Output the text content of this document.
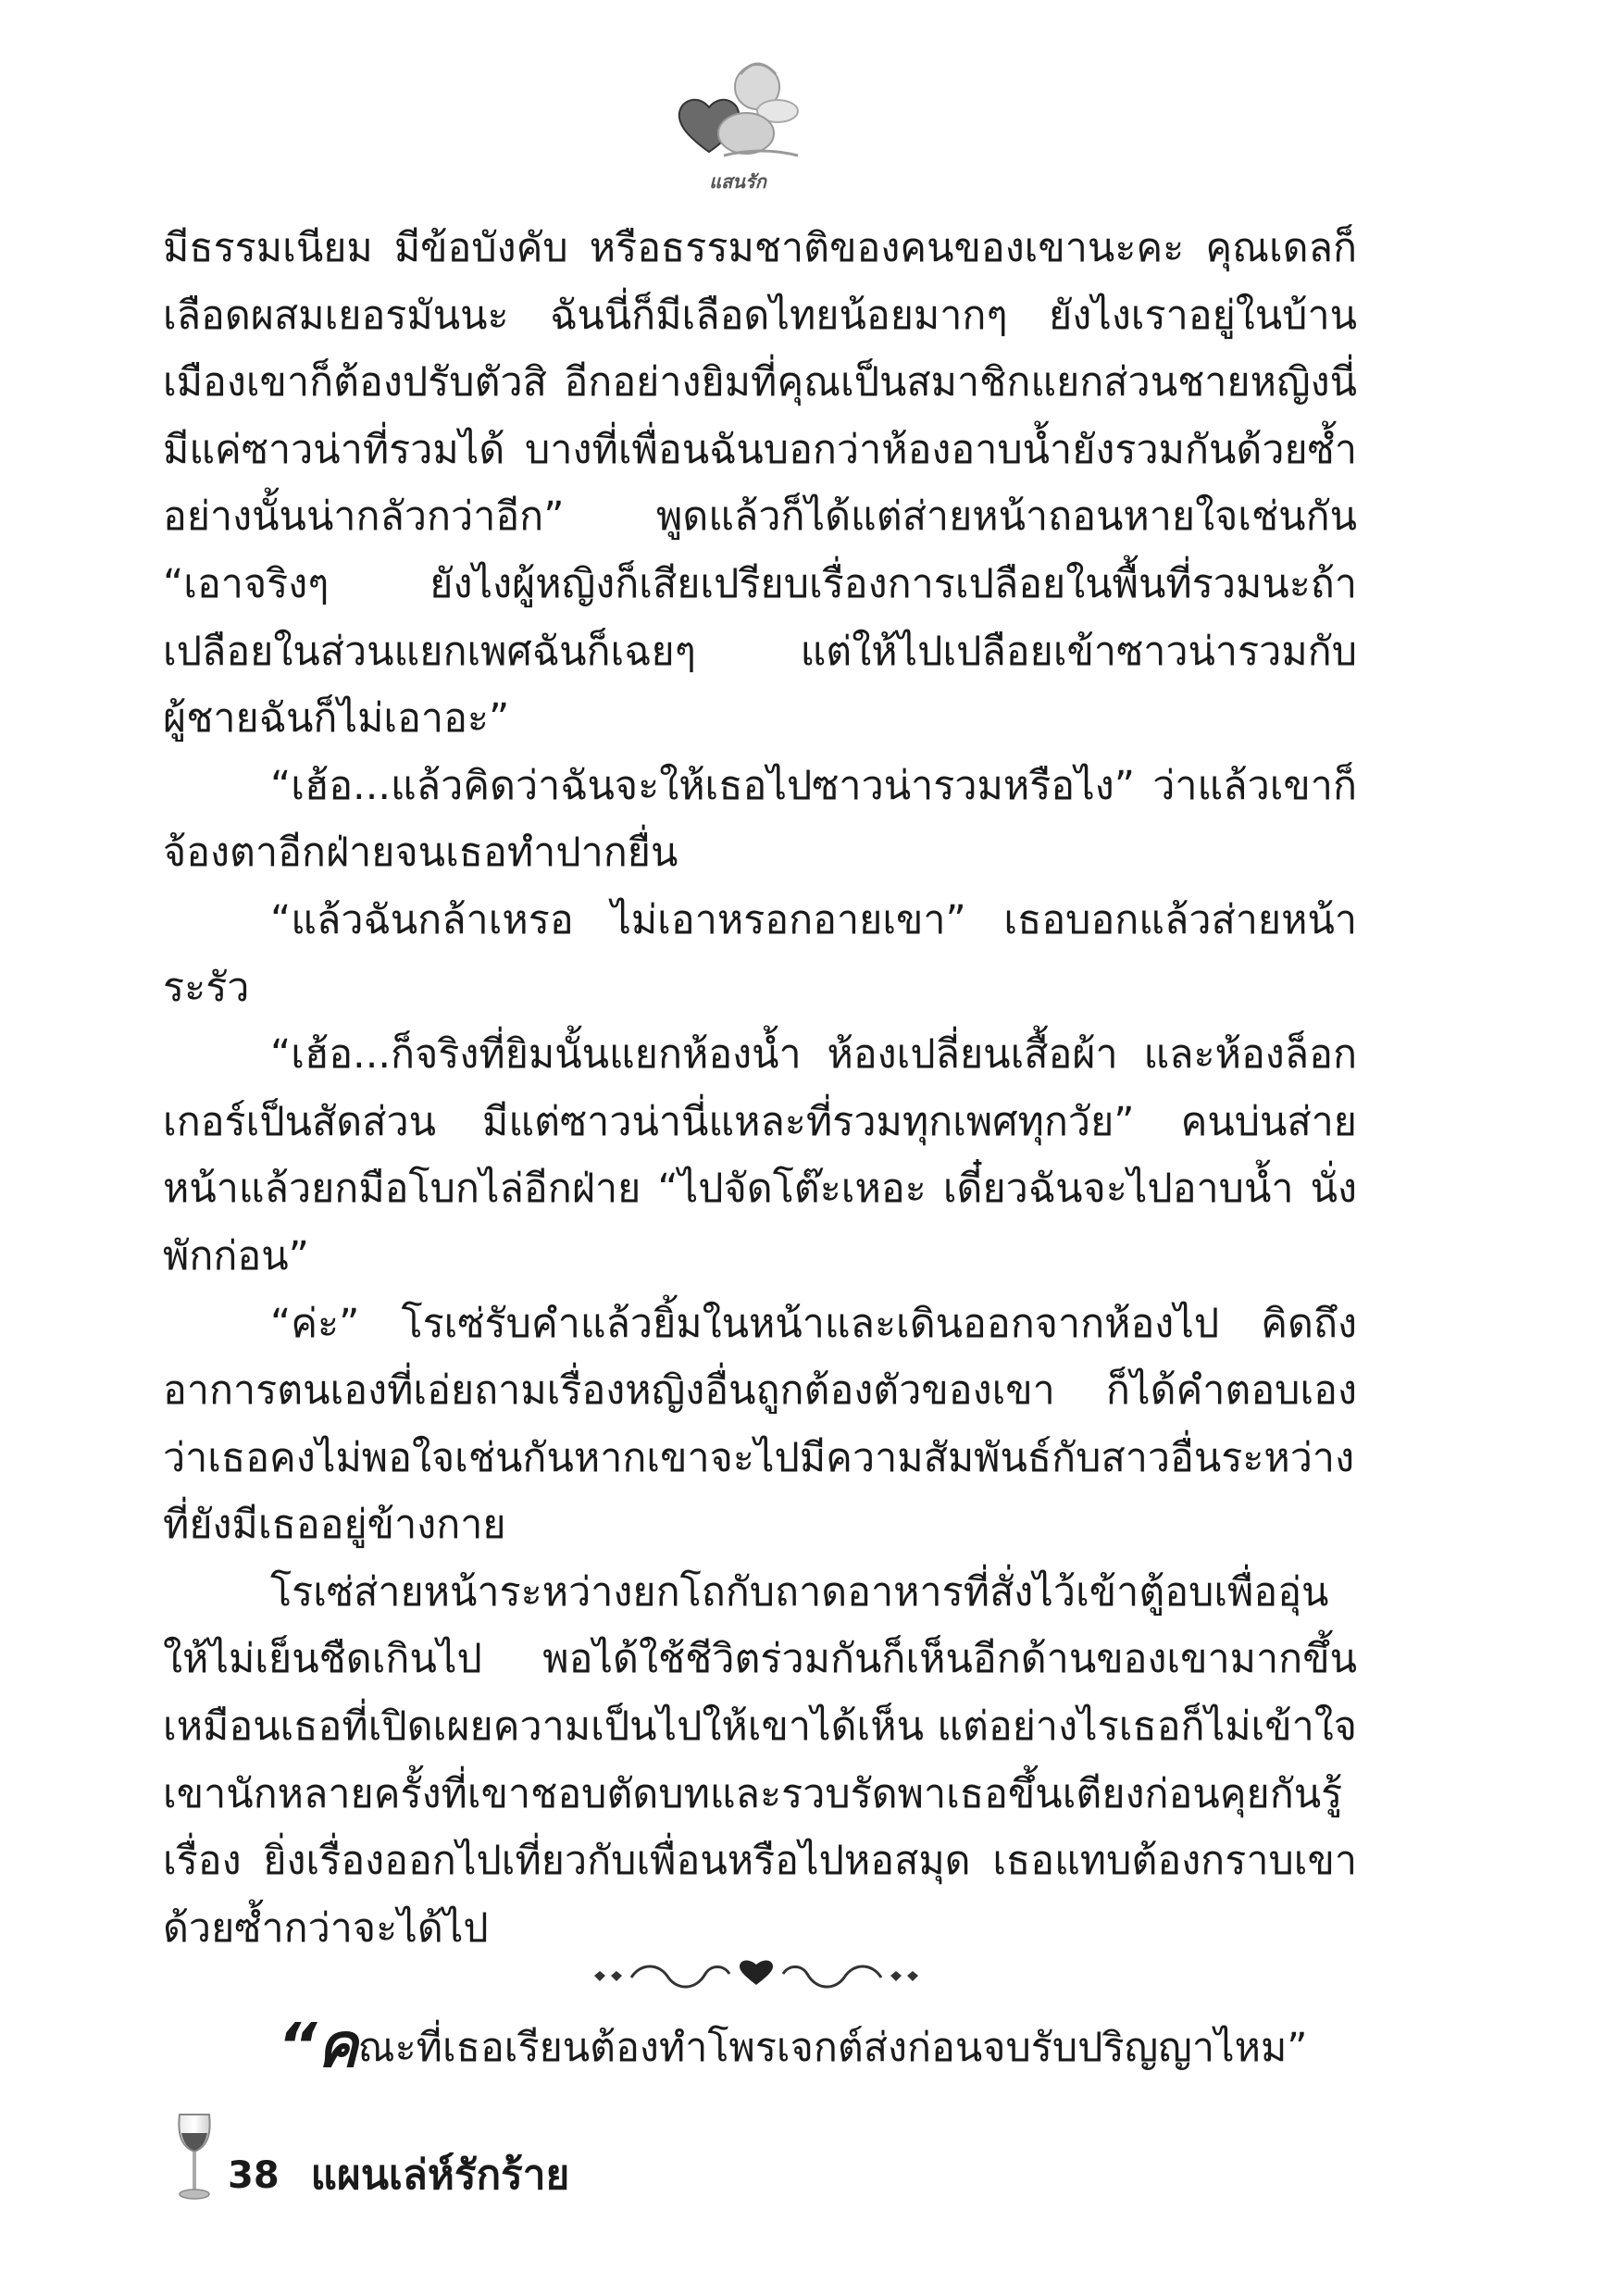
แสนรัก

มีธรรมเนียม มีข้อบังคับ หรือธรรมชาติของคนของเขานะคะ คุณเดลก็เลือดผสมเยอรมันนะ ฉันนี่ก็มีเลือดไทยน้อยมากๆ ยังไงเราอยู่ในบ้านเมืองเขาก็ต้องปรับตัวสิ อีกอย่างยิมที่คุณเป็นสมาชิกแยกส่วนชายหญิงนี่ มีแค่ซาวน่าที่รวมได้ บางที่เพื่อนฉันบอกว่าห้องอาบน้ำยังรวมกันด้วยซ้ำ อย่างนั้นน่ากลัวกว่าอีก” พูดแล้วก็ได้แต่ส่ายหน้าถอนหายใจเช่นกัน “เอาจริงๆ ยังไงผู้หญิงก็เสียเปรียบเรื่องการเปลือยในพื้นที่รวมนะถ้าเปลือยในส่วนแยกเพศฉันก็เฉยๆ แต่ให้ไปเปลือยเข้าซาวน่ารวมกับผู้ชายฉันก็ไม่เอาอะ”

“เฮ้อ...แล้วคิดว่าฉันจะให้เธอไปซาวน่ารวมหรือไง” ว่าแล้วเขาก็จ้องตาอีกฝ่ายจนเธอทำปากยื่น

“แล้วฉันกล้าเหรอ ไม่เอาหรอกอายเขา” เธอบอกแล้วส่ายหน้าระรัว

“เฮ้อ...ก็จริงที่ยิมนั้นแยกห้องน้ำ ห้องเปลี่ยนเสื้อผ้า และห้องล็อกเกอร์เป็นสัดส่วน มีแต่ซาวน่านี่แหละที่รวมทุกเพศทุกวัย” คนบ่นส่ายหน้าแล้วยกมือโบกไล่อีกฝ่าย “ไปจัดโต๊ะเหอะ เดี๋ยวฉันจะไปอาบน้ำ นั่งพักก่อน”

“ค่ะ” โรเซ่รับคำแล้วยิ้มในหน้าและเดินออกจากห้องไป คิดถึงอาการตนเองที่เอ่ยถามเรื่องหญิงอื่นถูกต้องตัวของเขา ก็ได้คำตอบเองว่าเธอคงไม่พอใจเช่นกันหากเขาจะไปมีความสัมพันธ์กับสาวอื่นระหว่างที่ยังมีเธออยู่ข้างกาย

โรเซ่ส่ายหน้าระหว่างยกโถกับถาดอาหารที่สั่งไว้เข้าตู้อบเพื่ออุ่นให้ไม่เย็นชืดเกินไป พอได้ใช้ชีวิตร่วมกันก็เห็นอีกด้านของเขามากขึ้น เหมือนเธอที่เปิดเผยความเป็นไปให้เขาได้เห็น แต่อย่างไรเธอก็ไม่เข้าใจเขานักหลายครั้งที่เขาชอบตัดบทและรวบรัดพาเธอขึ้นเตียงก่อนคุยกันรู้เรื่อง ยิ่งเรื่องออกไปเที่ยวกับเพื่อนหรือไปหอสมุด เธอแทบต้องกราบเขาด้วยซ้ำกว่าจะได้ไป

“คณะที่เธอเรียนต้องทำโพรเจกต์ส่งก่อนจบรับปริญญาไหม”
38 แผนเล่ห์รักร้าย
